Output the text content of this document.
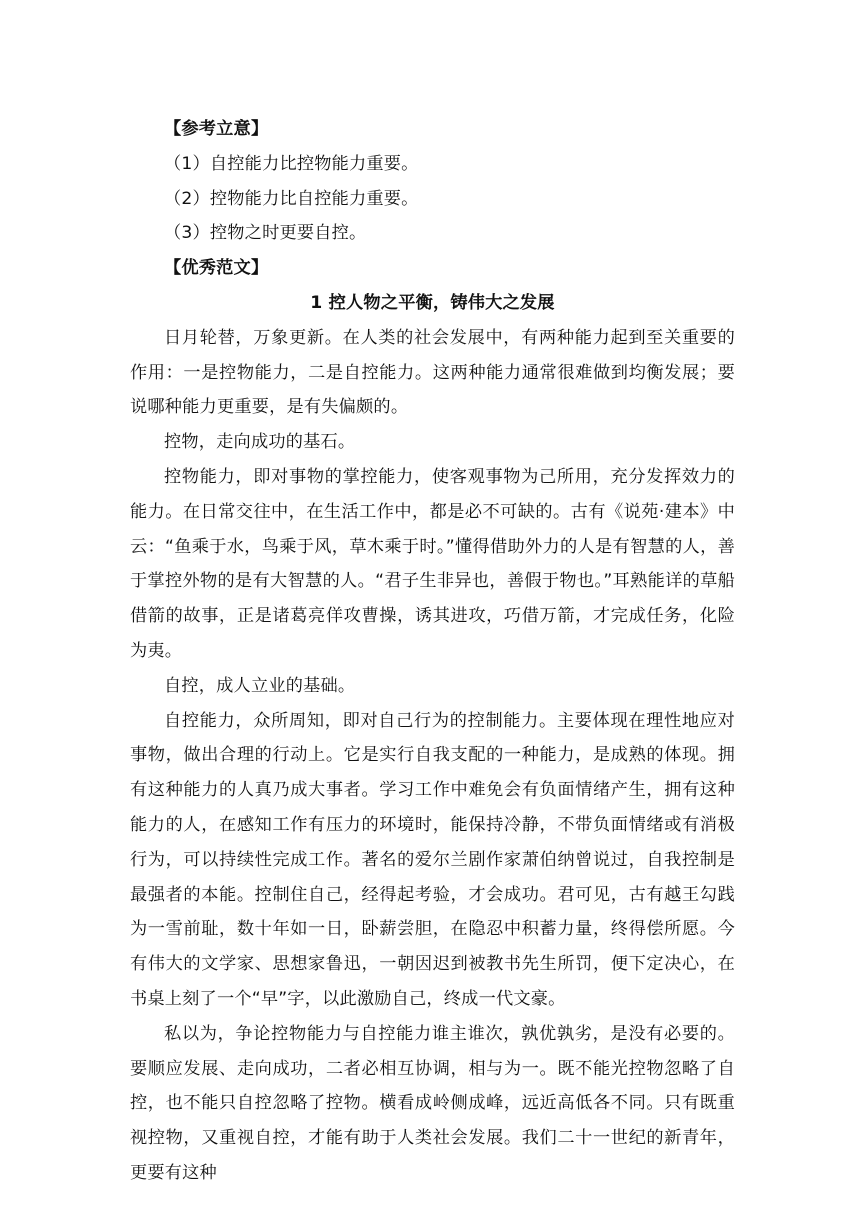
【参考立意】

（1）自控能力比控物能力重要。

（2）控物能力比自控能力重要。

（3）控物之时更要自控。

【优秀范文】

1 控人物之平衡，铸伟大之发展

日月轮替，万象更新。在人类的社会发展中，有两种能力起到至关重要的作用：一是控物能力，二是自控能力。这两种能力通常很难做到均衡发展；要说哪种能力更重要，是有失偏颇的。

控物，走向成功的基石。

控物能力，即对事物的掌控能力，使客观事物为己所用，充分发挥效力的能力。在日常交往中，在生活工作中，都是必不可缺的。古有《说苑·建本》中云：“鱼乘于水，鸟乘于风，草木乘于时。”懂得借助外力的人是有智慧的人，善于掌控外物的是有大智慧的人。“君子生非异也，善假于物也。”耳熟能详的草船借箭的故事，正是诸葛亮佯攻曹操，诱其进攻，巧借万箭，才完成任务，化险为夷。

自控，成人立业的基础。

自控能力，众所周知，即对自己行为的控制能力。主要体现在理性地应对事物，做出合理的行动上。它是实行自我支配的一种能力，是成熟的体现。拥有这种能力的人真乃成大事者。学习工作中难免会有负面情绪产生，拥有这种能力的人，在感知工作有压力的环境时，能保持冷静，不带负面情绪或有消极行为，可以持续性完成工作。著名的爱尔兰剧作家萧伯纳曾说过，自我控制是最强者的本能。控制住自己，经得起考验，才会成功。君可见，古有越王勾践为一雪前耻，数十年如一日，卧薪尝胆，在隐忍中积蓄力量，终得偿所愿。今有伟大的文学家、思想家鲁迅，一朝因迟到被教书先生所罚，便下定决心，在书桌上刻了一个“早”字，以此激励自己，终成一代文豪。

私以为，争论控物能力与自控能力谁主谁次，孰优孰劣，是没有必要的。要顺应发展、走向成功，二者必相互协调，相与为一。既不能光控物忽略了自控，也不能只自控忽略了控物。横看成岭侧成峰，远近高低各不同。只有既重视控物，又重视自控，才能有助于人类社会发展。我们二十一世纪的新青年，更要有这种
